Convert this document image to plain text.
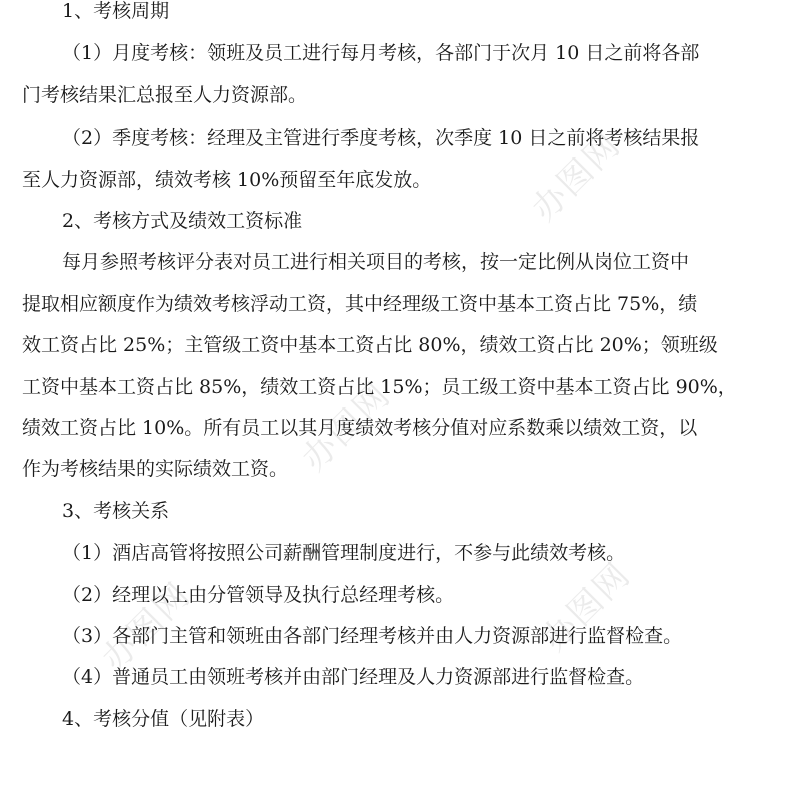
办图网
办图网
办图网
办图网
1、考核周期
（1）月度考核：领班及员工进行每月考核，各部门于次月 10 日之前将各部
门考核结果汇总报至人力资源部。
（2）季度考核：经理及主管进行季度考核，次季度 10 日之前将考核结果报
至人力资源部，绩效考核 10%预留至年底发放。
2、考核方式及绩效工资标准
每月参照考核评分表对员工进行相关项目的考核，按一定比例从岗位工资中
提取相应额度作为绩效考核浮动工资，其中经理级工资中基本工资占比 75%，绩
效工资占比 25%；主管级工资中基本工资占比 80%，绩效工资占比 20%；领班级
工资中基本工资占比 85%，绩效工资占比 15%；员工级工资中基本工资占比 90%，
绩效工资占比 10%。所有员工以其月度绩效考核分值对应系数乘以绩效工资，以
作为考核结果的实际绩效工资。
3、考核关系
（1）酒店高管将按照公司薪酬管理制度进行，不参与此绩效考核。
（2）经理以上由分管领导及执行总经理考核。
（3）各部门主管和领班由各部门经理考核并由人力资源部进行监督检查。
（4）普通员工由领班考核并由部门经理及人力资源部进行监督检查。
4、考核分值（见附表）
